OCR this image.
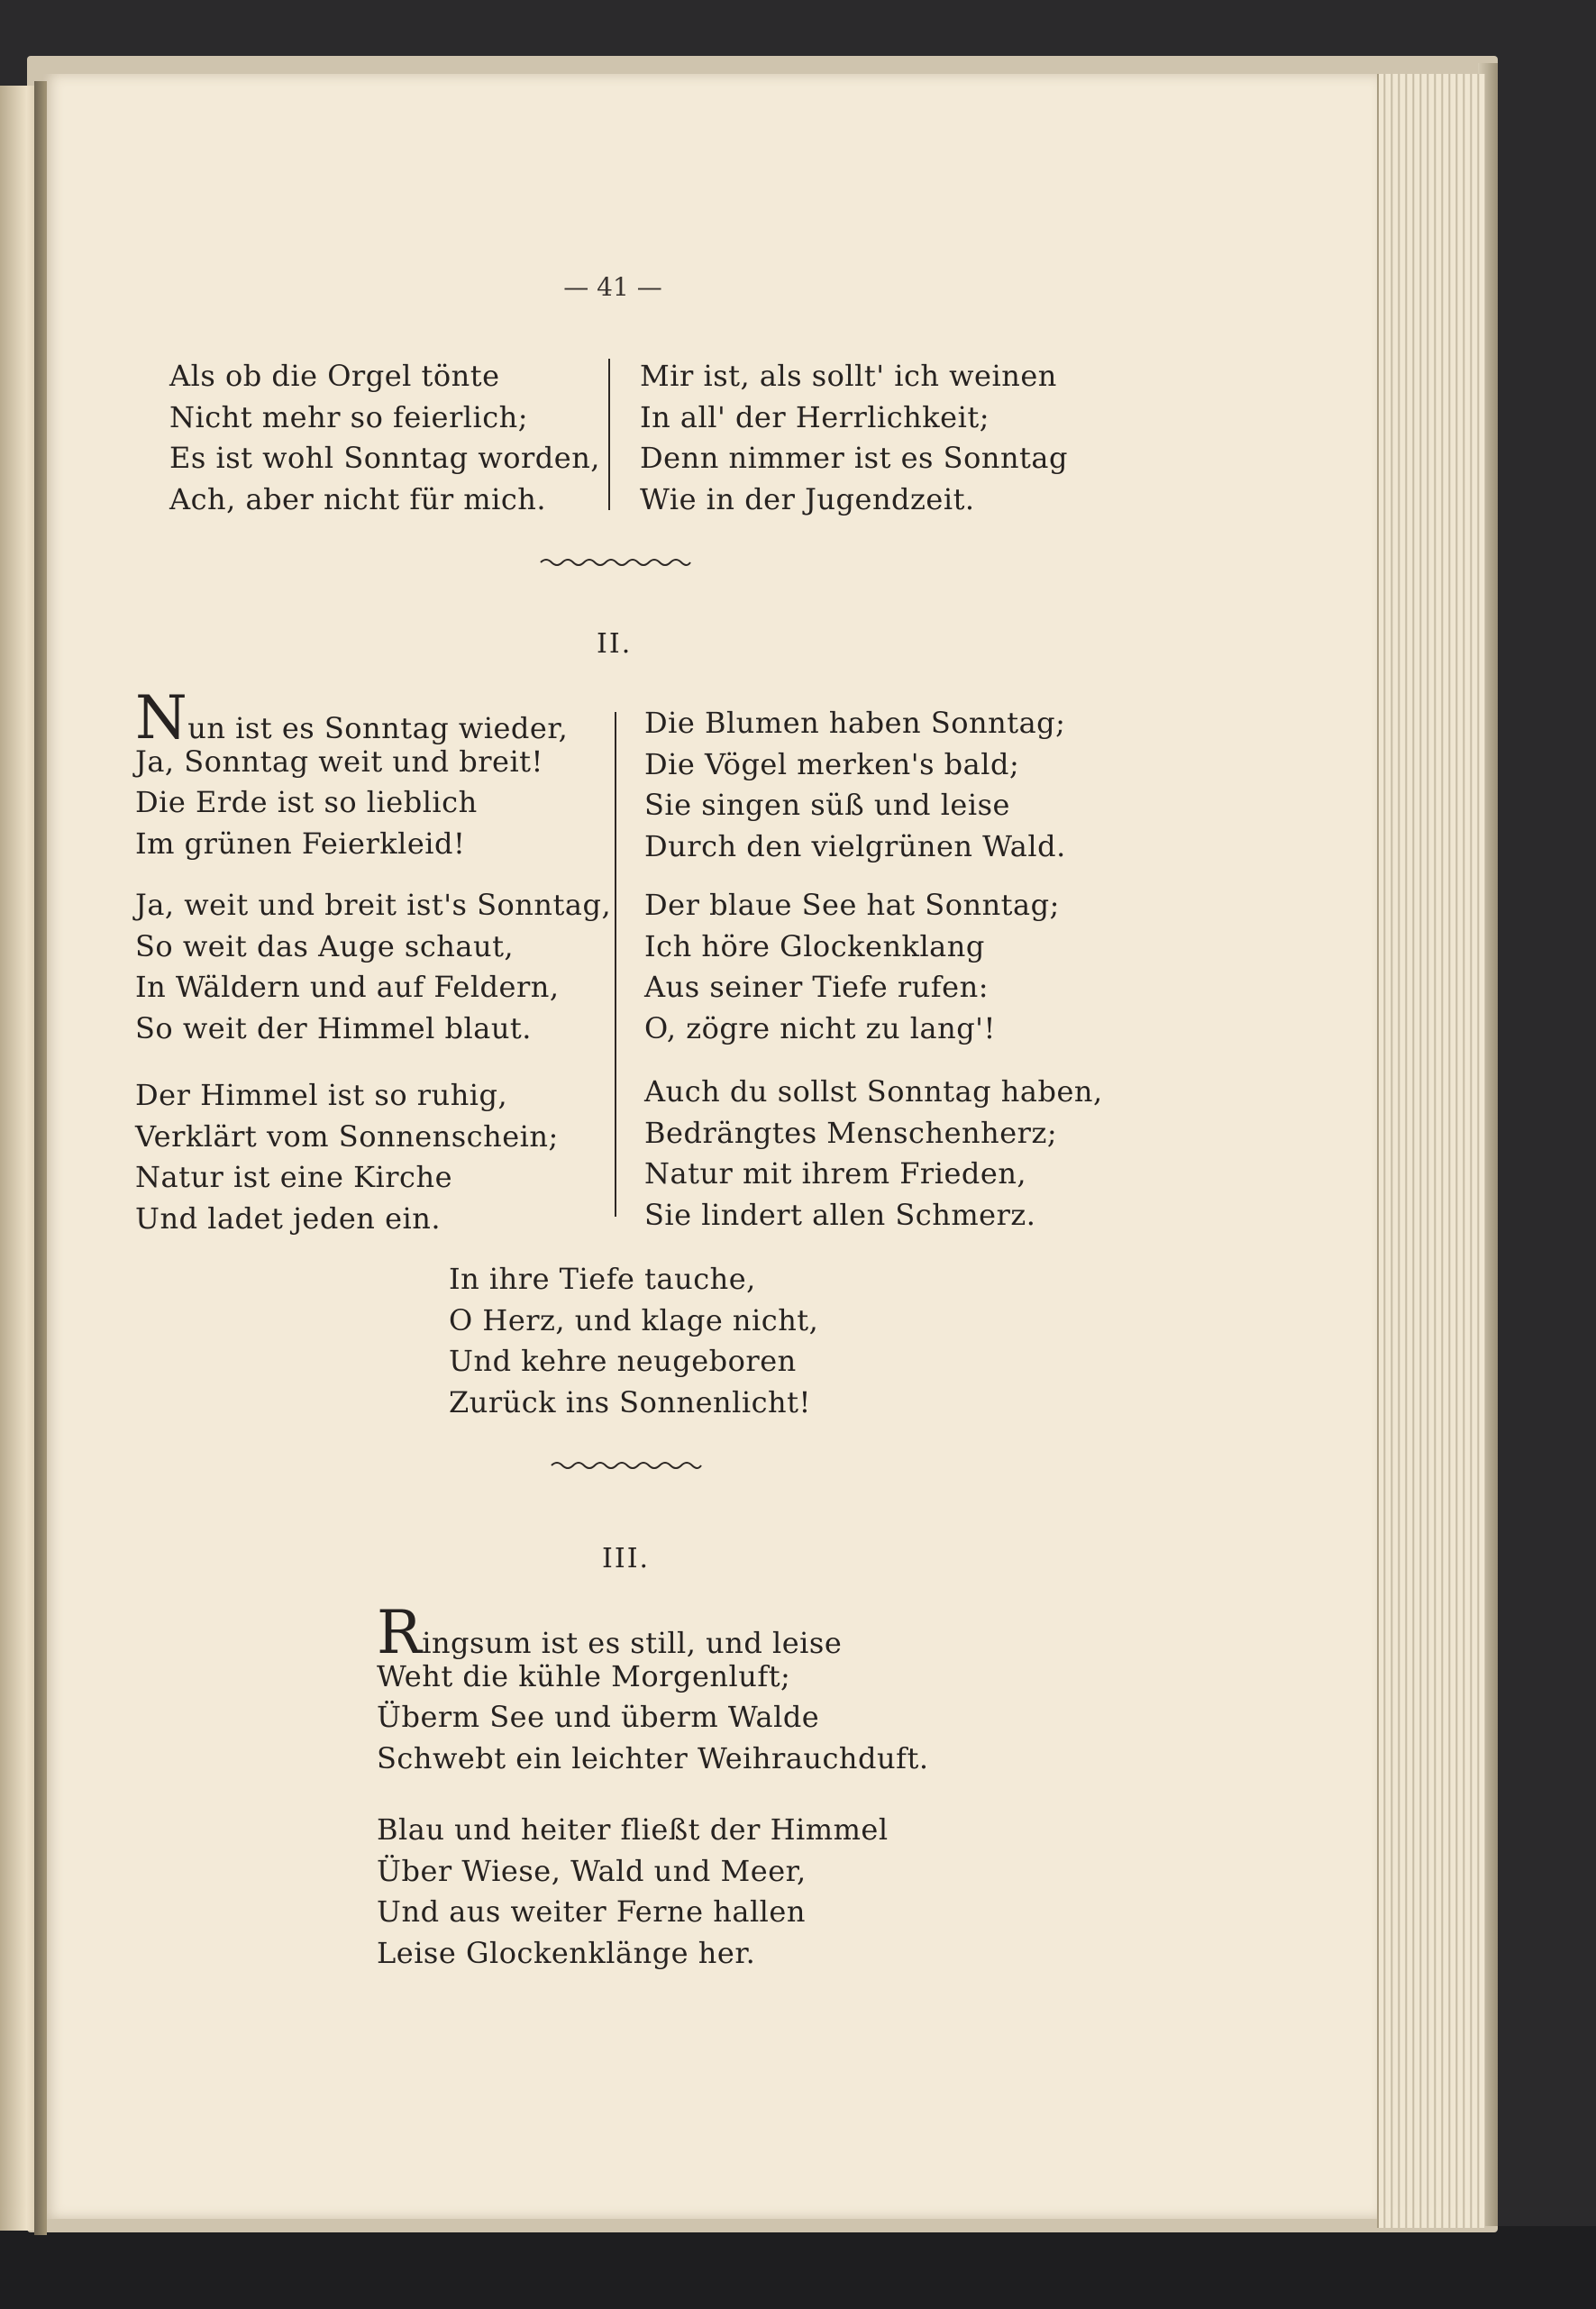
— 41 —
Als ob die Orgel tönte
Nicht mehr so feierlich;
Es ist wohl Sonntag worden,
Ach, aber nicht für mich.
Mir ist, als sollt' ich weinen
In all' der Herrlichkeit;
Denn nimmer ist es Sonntag
Wie in der Jugendzeit.
II.
Nun ist es Sonntag wieder,
Ja, Sonntag weit und breit!
Die Erde ist so lieblich
Im grünen Feierkleid!
Ja, weit und breit ist's Sonntag,
So weit das Auge schaut,
In Wäldern und auf Feldern,
So weit der Himmel blaut.
Der Himmel ist so ruhig,
Verklärt vom Sonnenschein;
Natur ist eine Kirche
Und ladet jeden ein.
Die Blumen haben Sonntag;
Die Vögel merken's bald;
Sie singen süß und leise
Durch den vielgrünen Wald.
Der blaue See hat Sonntag;
Ich höre Glockenklang
Aus seiner Tiefe rufen:
O, zögre nicht zu lang'!
Auch du sollst Sonntag haben,
Bedrängtes Menschenherz;
Natur mit ihrem Frieden,
Sie lindert allen Schmerz.
In ihre Tiefe tauche,
O Herz, und klage nicht,
Und kehre neugeboren
Zurück ins Sonnenlicht!
III.
Ringsum ist es still, und leise
Weht die kühle Morgenluft;
Überm See und überm Walde
Schwebt ein leichter Weihrauchduft.
Blau und heiter fließt der Himmel
Über Wiese, Wald und Meer,
Und aus weiter Ferne hallen
Leise Glockenklänge her.
